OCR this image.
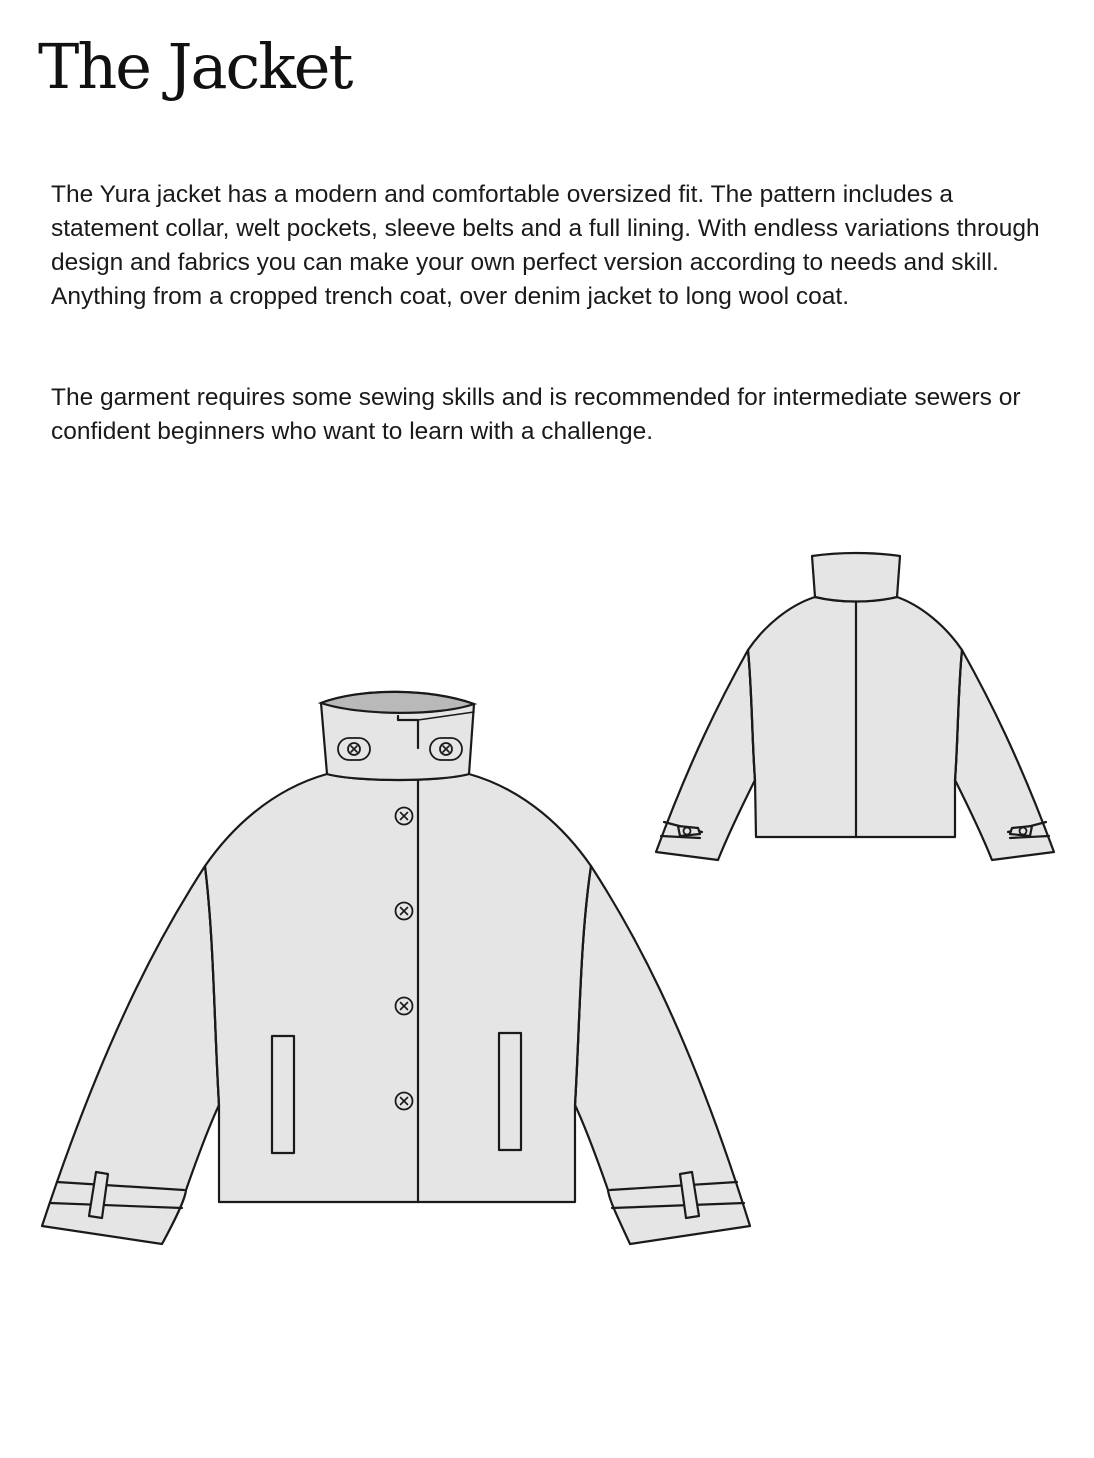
The Jacket

The Yura jacket has a modern and comfortable oversized fit. The pattern includes a statement collar, welt pockets, sleeve belts and a full lining. With endless variations through design and fabrics you can make your own perfect version according to needs and skill. Anything from a cropped trench coat, over denim jacket to long wool coat.

The garment requires some sewing skills and is recommended for intermediate sewers or confident beginners who want to learn with a challenge.
